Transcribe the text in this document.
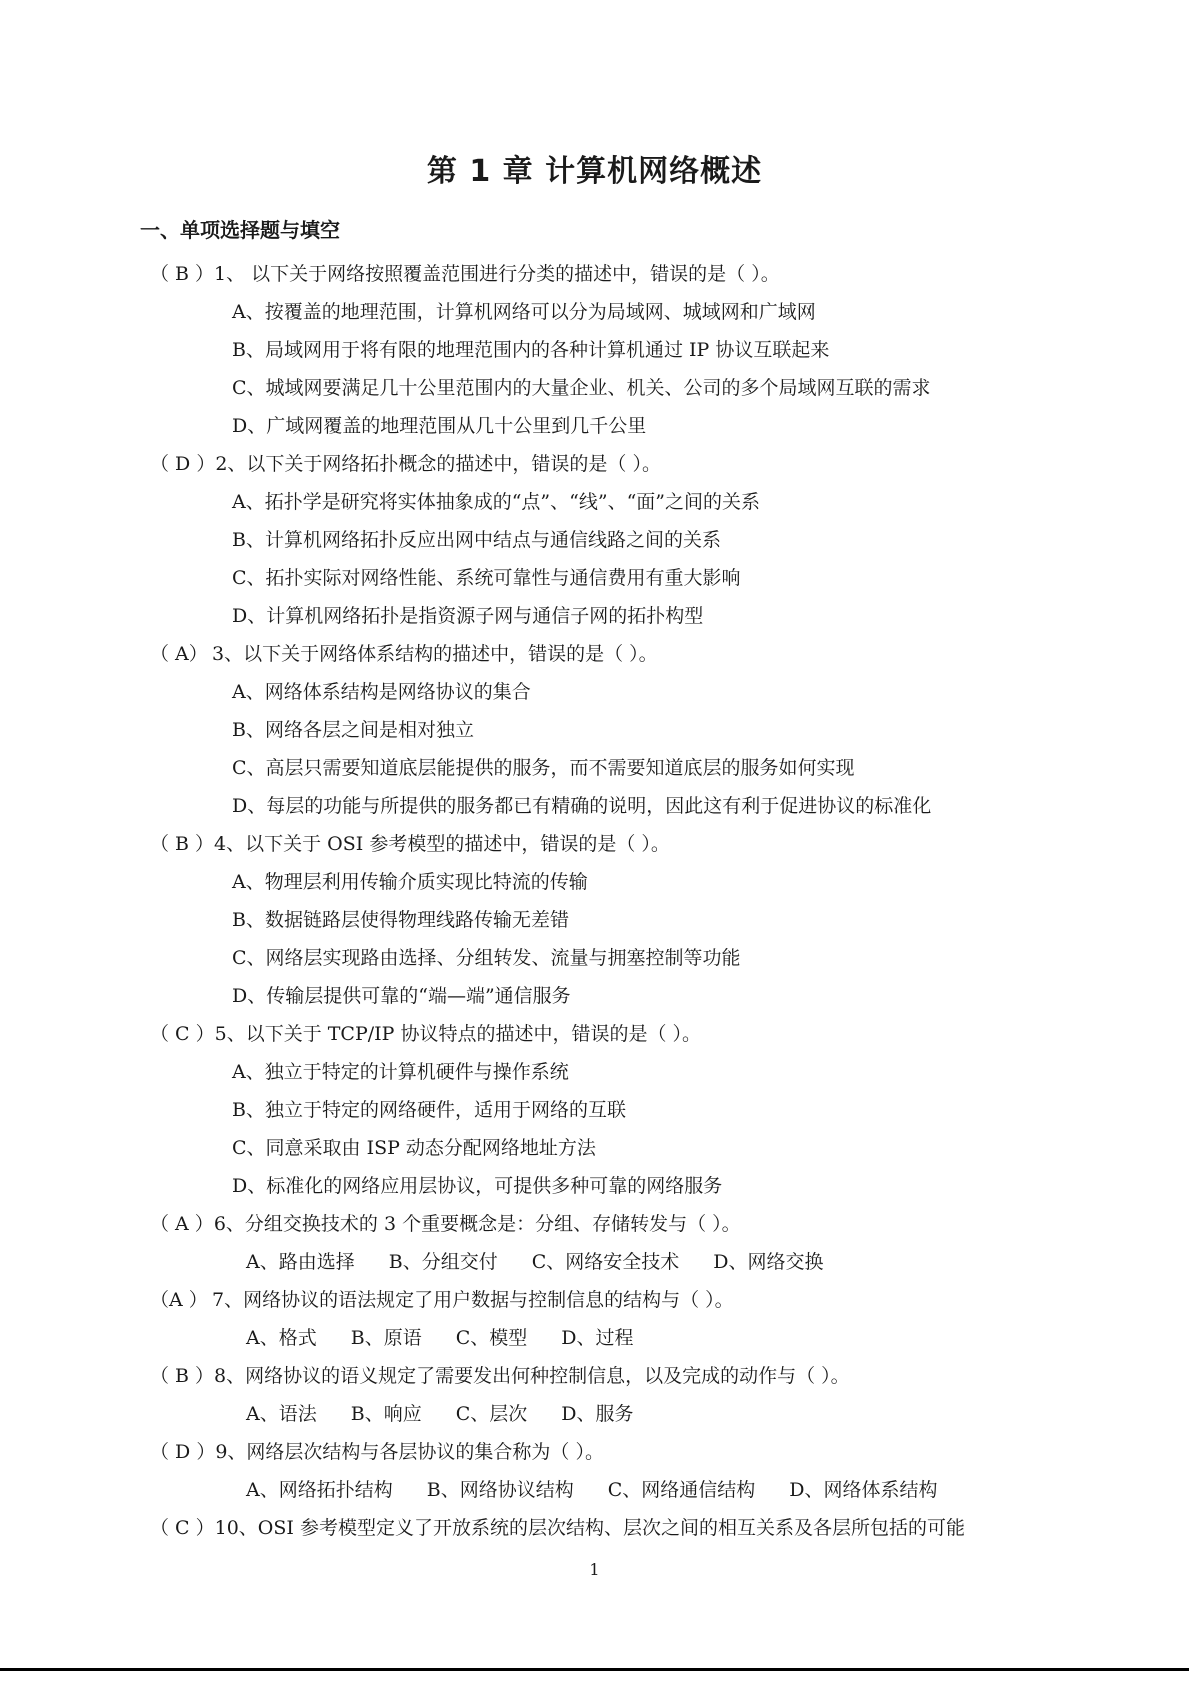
第 1 章 计算机网络概述
一、单项选择题与填空
（ B ）1、 以下关于网络按照覆盖范围进行分类的描述中，错误的是（ ）。
A、按覆盖的地理范围，计算机网络可以分为局域网、城域网和广域网
B、局域网用于将有限的地理范围内的各种计算机通过 IP 协议互联起来
C、城域网要满足几十公里范围内的大量企业、机关、公司的多个局域网互联的需求
D、广域网覆盖的地理范围从几十公里到几千公里
（ D ）2、以下关于网络拓扑概念的描述中，错误的是（ ）。
A、拓扑学是研究将实体抽象成的“点”、“线”、“面”之间的关系
B、计算机网络拓扑反应出网中结点与通信线路之间的关系
C、拓扑实际对网络性能、系统可靠性与通信费用有重大影响
D、计算机网络拓扑是指资源子网与通信子网的拓扑构型
（ A） 3、以下关于网络体系结构的描述中，错误的是（ ）。
A、网络体系结构是网络协议的集合
B、网络各层之间是相对独立
C、高层只需要知道底层能提供的服务，而不需要知道底层的服务如何实现
D、每层的功能与所提供的服务都已有精确的说明，因此这有利于促进协议的标准化
（ B ）4、以下关于 OSI 参考模型的描述中，错误的是（ ）。
A、物理层利用传输介质实现比特流的传输
B、数据链路层使得物理线路传输无差错
C、网络层实现路由选择、分组转发、流量与拥塞控制等功能
D、传输层提供可靠的“端—端”通信服务
（ C ）5、以下关于 TCP/IP 协议特点的描述中，错误的是（ ）。
A、独立于特定的计算机硬件与操作系统
B、独立于特定的网络硬件，适用于网络的互联
C、同意采取由 ISP 动态分配网络地址方法
D、标准化的网络应用层协议，可提供多种可靠的网络服务
（ A ）6、分组交换技术的 3 个重要概念是：分组、存储转发与（ ）。
A、路由选择 B、分组交付 C、网络安全技术 D、网络交换
（A ） 7、网络协议的语法规定了用户数据与控制信息的结构与（ ）。
A、格式 B、原语 C、模型 D、过程
（ B ）8、网络协议的语义规定了需要发出何种控制信息，以及完成的动作与（ ）。
A、语法 B、响应 C、层次 D、服务
（ D ）9、网络层次结构与各层协议的集合称为（ ）。
A、网络拓扑结构 B、网络协议结构 C、网络通信结构 D、网络体系结构
（ C ）10、OSI 参考模型定义了开放系统的层次结构、层次之间的相互关系及各层所包括的可能
1
